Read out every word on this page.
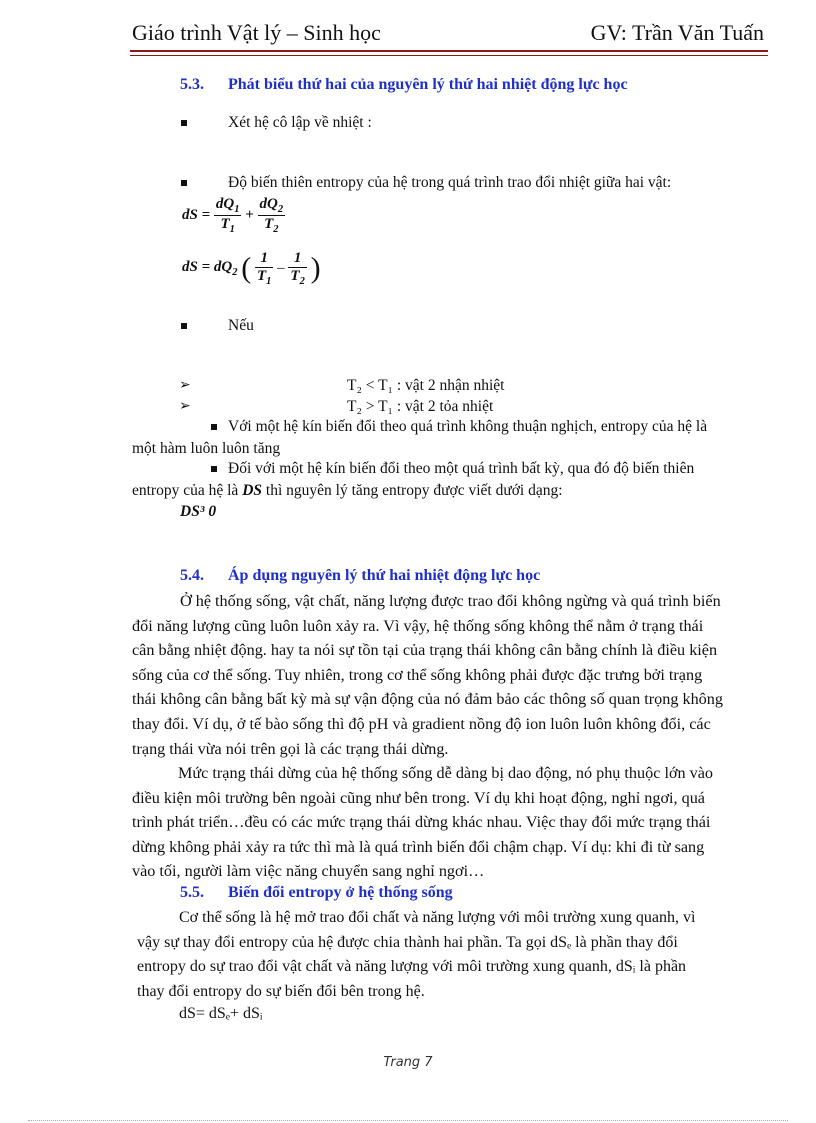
Giáo trình Vật lý – Sinh học	GV: Trần Văn Tuấn
5.3. Phát biểu thứ hai của nguyên lý thứ hai nhiệt động lực học
Xét hệ cô lập về nhiệt :
Độ biến thiên entropy của hệ trong quá trình trao đổi nhiệt giữa hai vật:
dS = $\frac{dQ_1}{T_1} + \frac{dQ_2}{T_2}$
dS = $dQ_2$ ( $\frac{1}{T_1} - \frac{1}{T_2}$ )
Nếu
➢	T₂ < T₁ : vật 2 nhận nhiệt
➢	T₂ > T₁ : vật 2 tỏa nhiệt
Với một hệ kín biến đổi theo quá trình không thuận nghịch, entropy của hệ là
một hàm luôn luôn tăng
Đối với một hệ kín biến đổi theo một quá trình bất kỳ, qua đó độ biến thiên
entropy của hệ là DS thì nguyên lý tăng entropy được viết dưới dạng:
DS³ 0
5.4. Áp dụng nguyên lý thứ hai nhiệt động lực học
Ở hệ thống sống, vật chất, năng lượng được trao đổi không ngừng và quá trình biến
đổi năng lượng cũng luôn luôn xảy ra. Vì vậy, hệ thống sống không thể nằm ở trạng thái
cân bằng nhiệt động. hay ta nói sự tồn tại của trạng thái không cân bằng chính là điều kiện
sống của cơ thể sống. Tuy nhiên, trong cơ thể sống không phải được đặc trưng bởi trạng
thái không cân bằng bất kỳ mà sự vận động của nó đảm bảo các thông số quan trọng không
thay đổi. Ví dụ, ở tế bào sống thì độ pH và gradient nồng độ ion luôn luôn không đổi, các
trạng thái vừa nói trên gọi là các trạng thái dừng.
Mức trạng thái dừng của hệ thống sống dễ dàng bị dao động, nó phụ thuộc lớn vào
điều kiện môi trường bên ngoài cũng như bên trong. Ví dụ khi hoạt động, nghỉ ngơi, quá
trình phát triển…đều có các mức trạng thái dừng khác nhau. Việc thay đổi mức trạng thái
dừng không phải xảy ra tức thì mà là quá trình biến đổi chậm chạp. Ví dụ: khi đi từ sang
vào tối, người làm việc năng chuyển sang nghỉ ngơi…
5.5. Biến đổi entropy ở hệ thống sống
Cơ thể sống là hệ mở trao đổi chất và năng lượng với môi trường xung quanh, vì
vậy sự thay đổi entropy của hệ được chia thành hai phần. Ta gọi dSₑ là phần thay đổi
entropy do sự trao đổi vật chất và năng lượng với môi trường xung quanh, dSᵢ là phần
thay đổi entropy do sự biến đổi bên trong hệ.
dS= dSₑ+ dSᵢ
Trang 7
